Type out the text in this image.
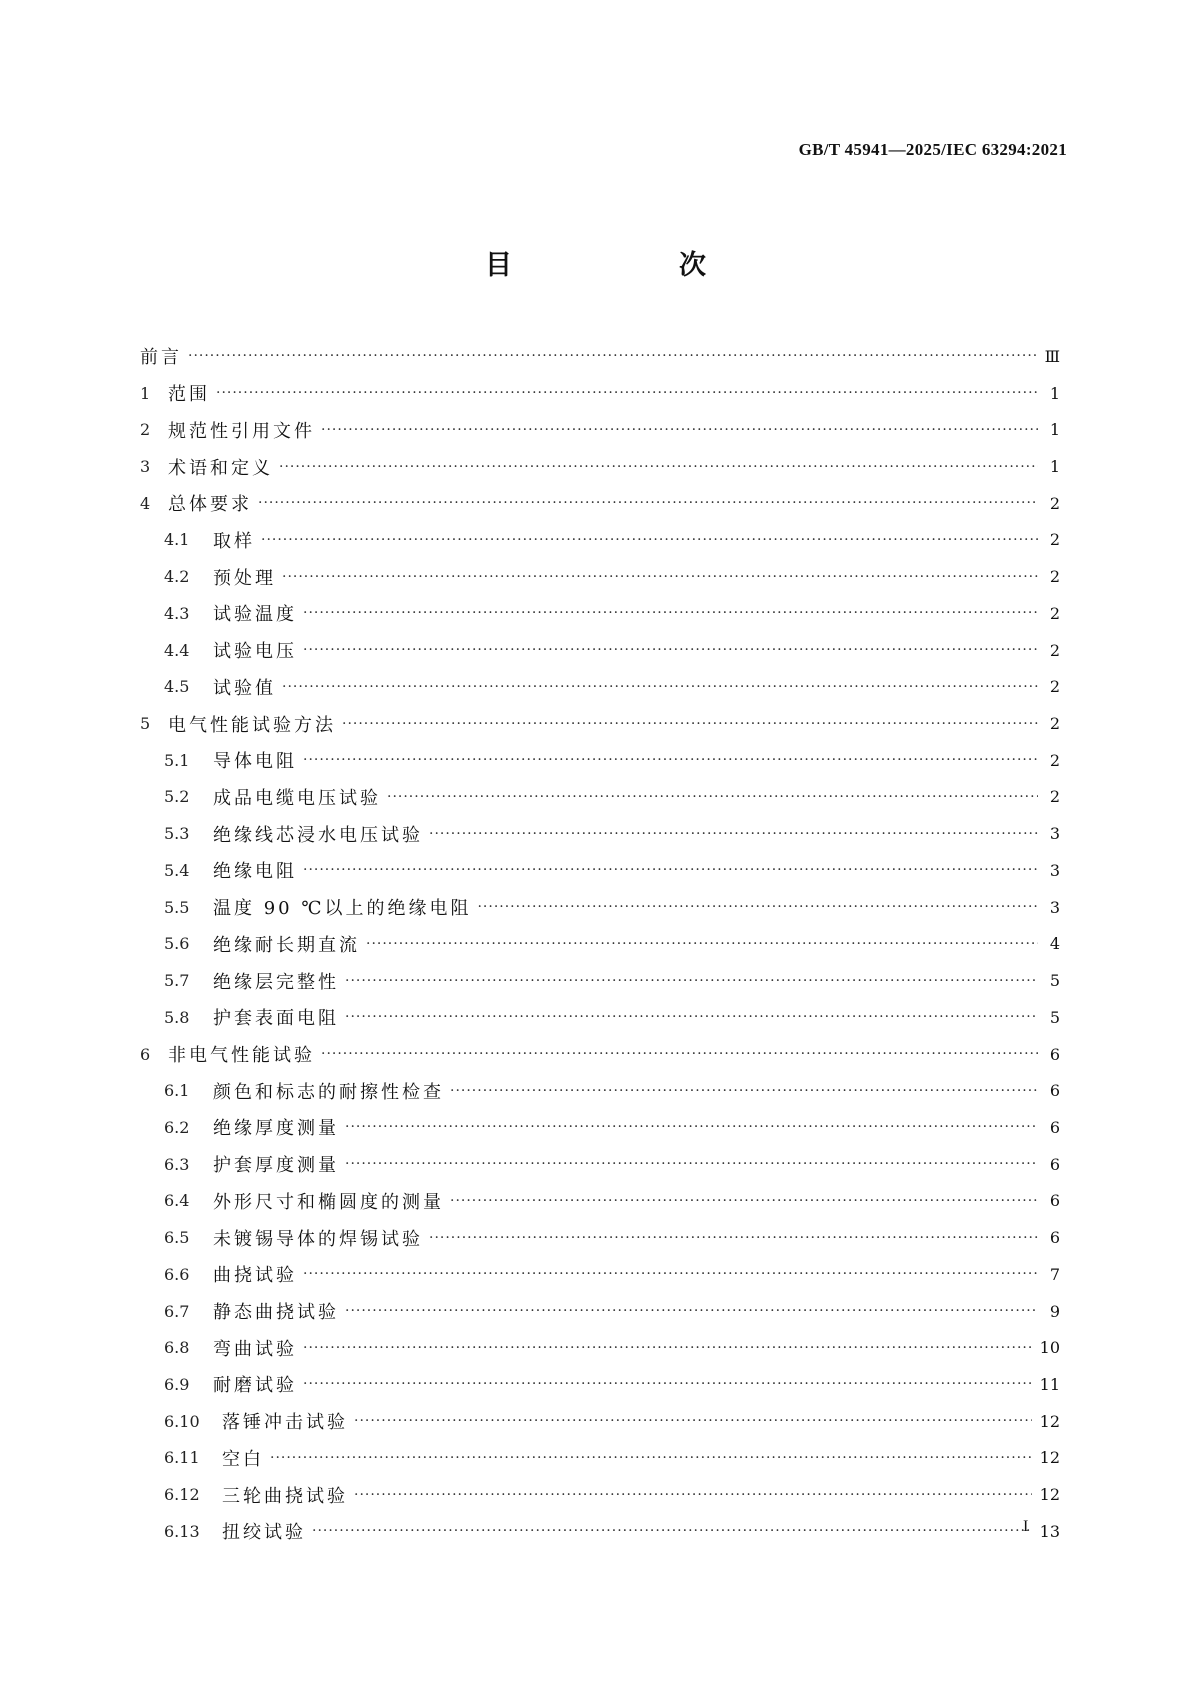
GB/T 45941—2025/IEC 63294:2021
目　次
前言 ·····	Ⅲ
1 范围 ·····	1
2 规范性引用文件 ·····	1
3 术语和定义 ·····	1
4 总体要求 ·····	2
4.1	取样 ·····	2
4.2	预处理 ·····	2
4.3	试验温度 ·····	2
4.4	试验电压 ·····	2
4.5	试验值 ·····	2
5 电气性能试验方法 ·····	2
5.1	导体电阻 ·····	2
5.2	成品电缆电压试验 ·····	2
5.3	绝缘线芯浸水电压试验 ·····	3
5.4	绝缘电阻 ·····	3
5.5	温度 90 ℃以上的绝缘电阻 ·····	3
5.6	绝缘耐长期直流 ·····	4
5.7	绝缘层完整性 ·····	5
5.8	护套表面电阻 ·····	5
6 非电气性能试验 ·····	6
6.1	颜色和标志的耐擦性检查 ·····	6
6.2	绝缘厚度测量 ·····	6
6.3	护套厚度测量 ·····	6
6.4	外形尺寸和椭圆度的测量 ·····	6
6.5	未镀锡导体的焊锡试验 ·····	6
6.6	曲挠试验 ·····	7
6.7	静态曲挠试验 ·····	9
6.8	弯曲试验 ·····	10
6.9	耐磨试验 ·····	11
6.10	落锤冲击试验 ·····	12
6.11	空白 ·····	12
6.12	三轮曲挠试验 ·····	12
6.13	扭绞试验 ·····	13
I
